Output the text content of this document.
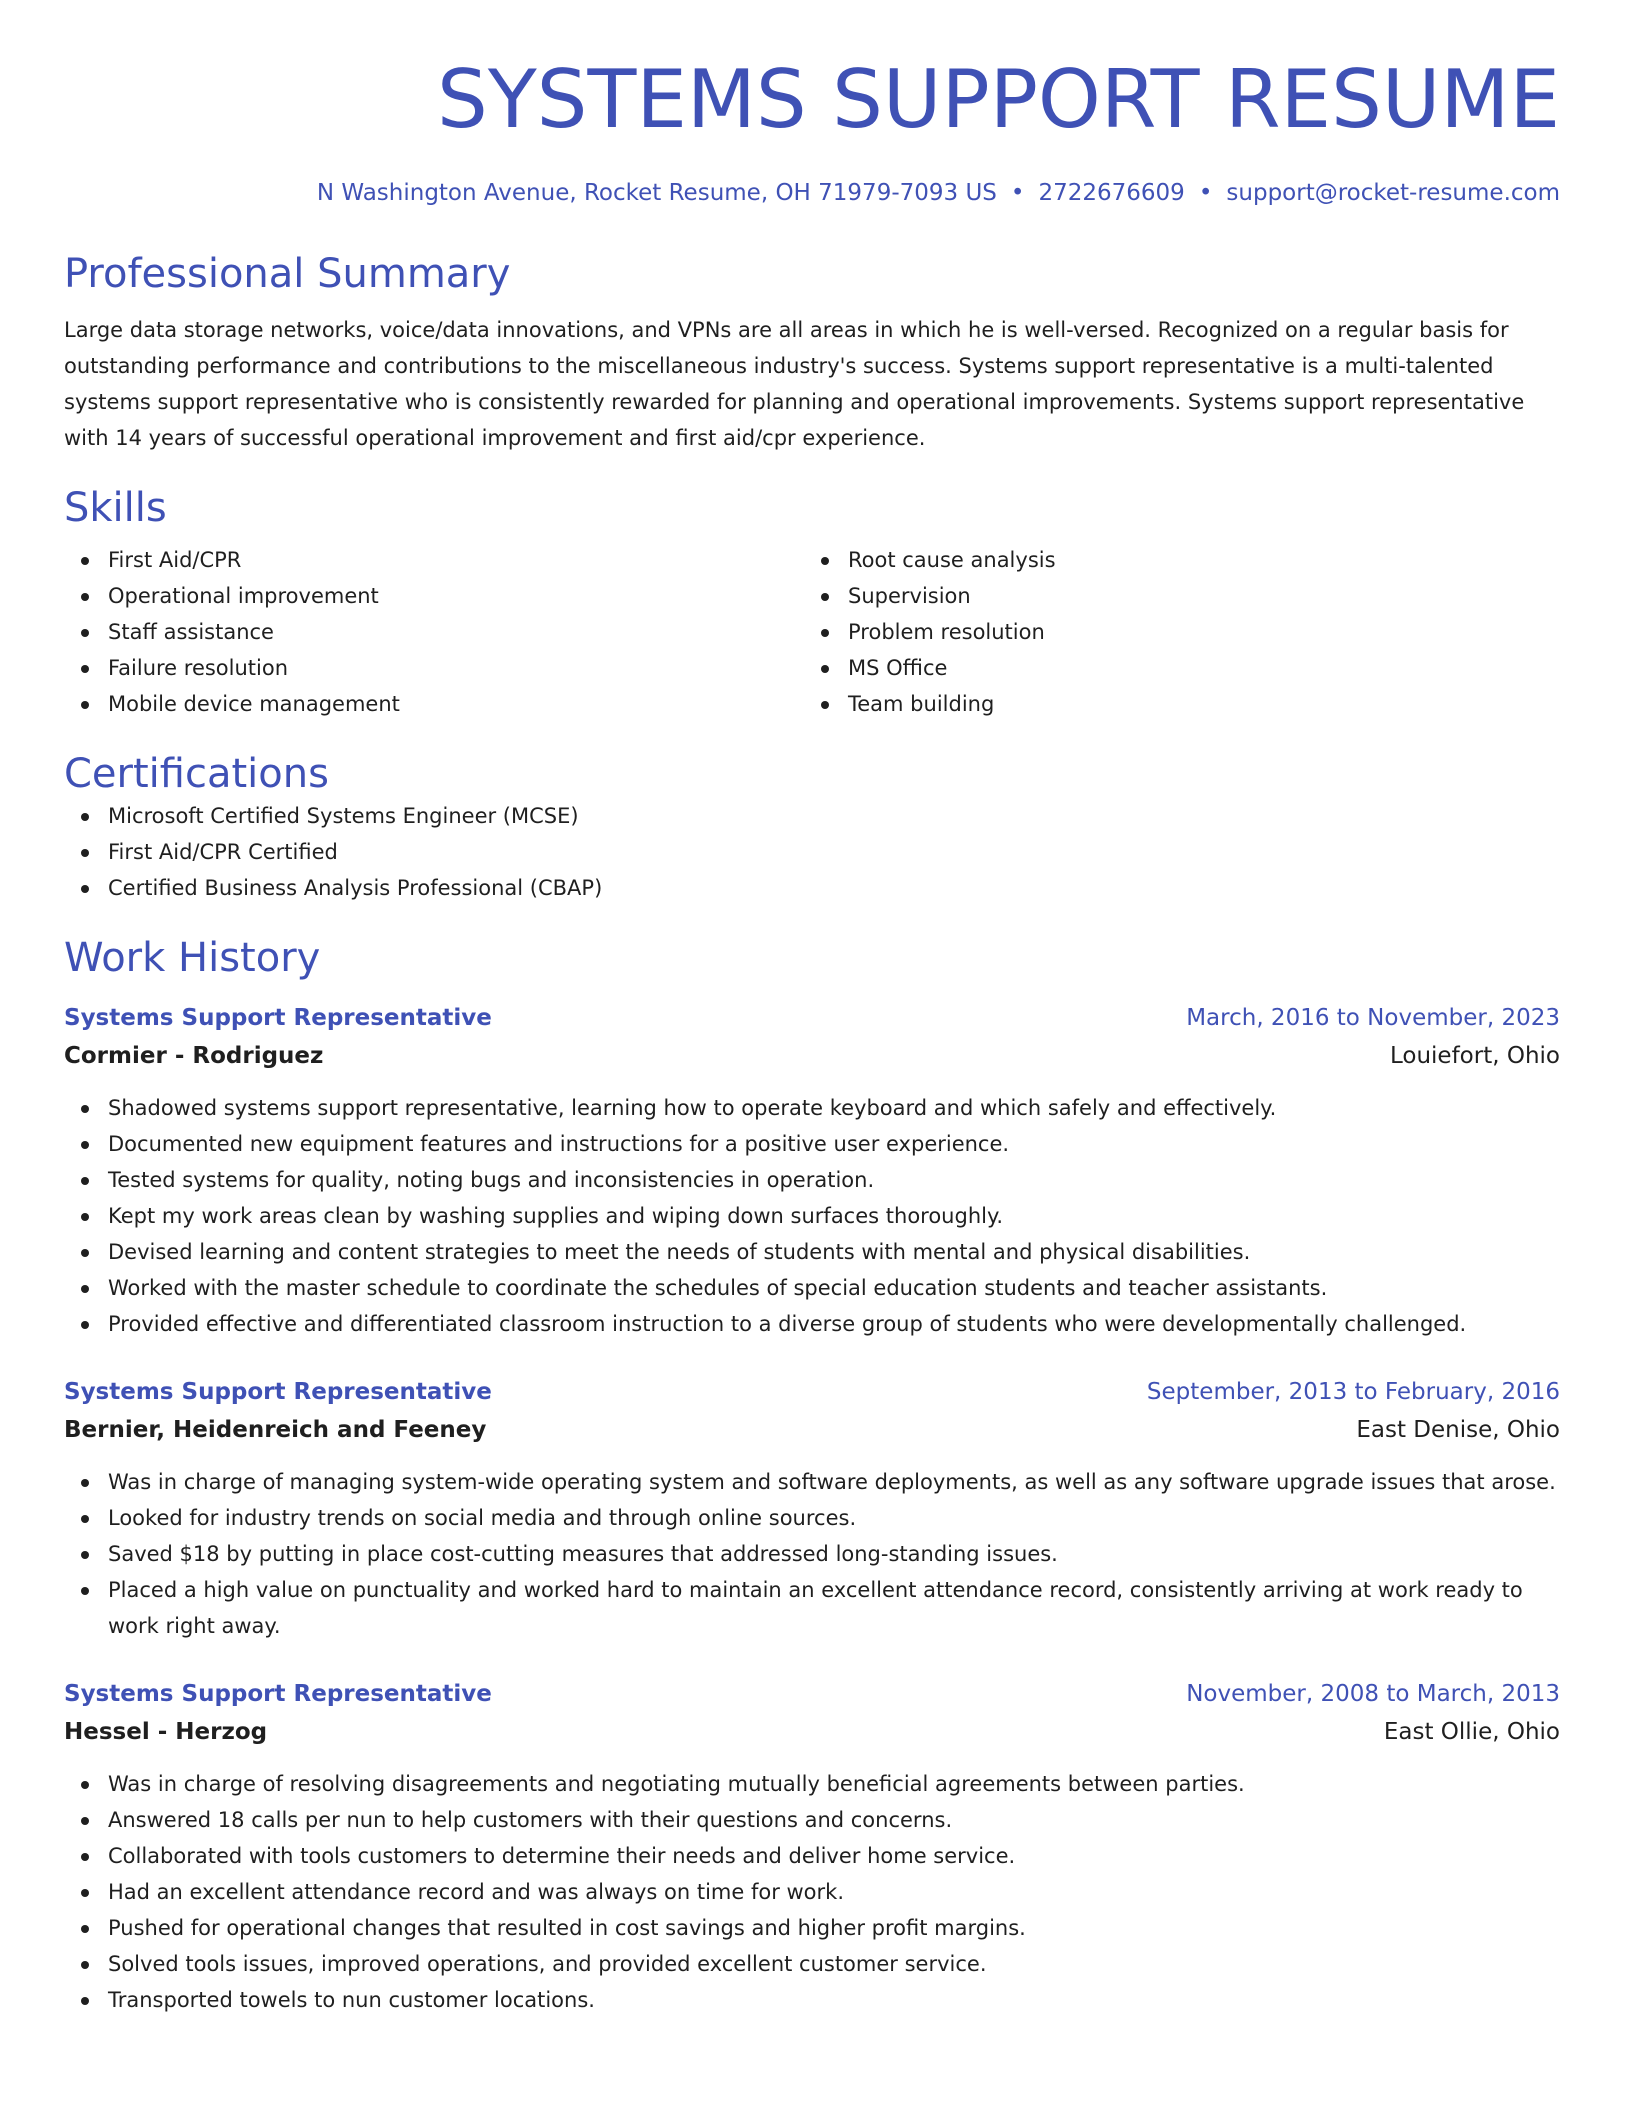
SYSTEMS SUPPORT RESUME
N Washington Avenue, Rocket Resume, OH 71979-7093 US • 2722676609 • support@rocket-resume.com
Professional Summary

Large data storage networks, voice/data innovations, and VPNs are all areas in which he is well-versed. Recognized on a regular basis for outstanding performance and contributions to the miscellaneous industry's success. Systems support representative is a multi-talented systems support representative who is consistently rewarded for planning and operational improvements. Systems support representative with 14 years of successful operational improvement and first aid/cpr experience.

Skills
First Aid/CPR
Operational improvement
Staff assistance
Failure resolution
Mobile device management
Root cause analysis
Supervision
Problem resolution
MS Office
Team building
Certifications
Microsoft Certified Systems Engineer (MCSE)
First Aid/CPR Certified
Certified Business Analysis Professional (CBAP)
Work History
Systems Support Representative	March, 2016 to November, 2023
Cormier - Rodriguez	Louiefort, Ohio
Shadowed systems support representative, learning how to operate keyboard and which safely and effectively.
Documented new equipment features and instructions for a positive user experience.
Tested systems for quality, noting bugs and inconsistencies in operation.
Kept my work areas clean by washing supplies and wiping down surfaces thoroughly.
Devised learning and content strategies to meet the needs of students with mental and physical disabilities.
Worked with the master schedule to coordinate the schedules of special education students and teacher assistants.
Provided effective and differentiated classroom instruction to a diverse group of students who were developmentally challenged.
Systems Support Representative	September, 2013 to February, 2016
Bernier, Heidenreich and Feeney	East Denise, Ohio
Was in charge of managing system-wide operating system and software deployments, as well as any software upgrade issues that arose.
Looked for industry trends on social media and through online sources.
Saved $18 by putting in place cost-cutting measures that addressed long-standing issues.
Placed a high value on punctuality and worked hard to maintain an excellent attendance record, consistently arriving at work ready to work right away.
Systems Support Representative	November, 2008 to March, 2013
Hessel - Herzog	East Ollie, Ohio
Was in charge of resolving disagreements and negotiating mutually beneficial agreements between parties.
Answered 18 calls per nun to help customers with their questions and concerns.
Collaborated with tools customers to determine their needs and deliver home service.
Had an excellent attendance record and was always on time for work.
Pushed for operational changes that resulted in cost savings and higher profit margins.
Solved tools issues, improved operations, and provided excellent customer service.
Transported towels to nun customer locations.
